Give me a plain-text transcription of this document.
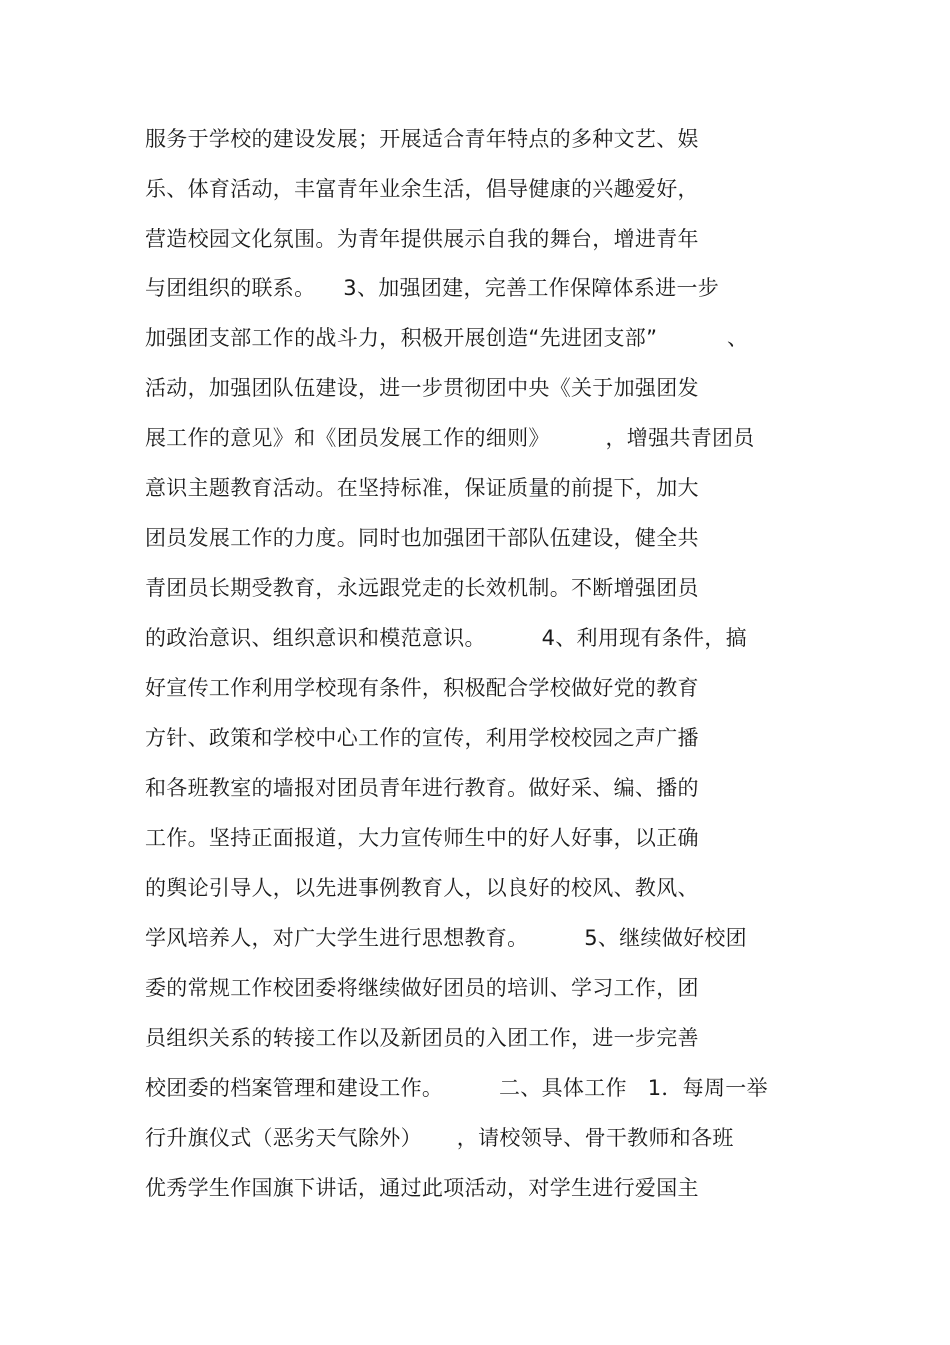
服务于学校的建设发展；开展适合青年特点的多种文艺、娱
乐、体育活动，丰富青年业余生活，倡导健康的兴趣爱好，
营造校园文化氛围。为青年提供展示自我的舞台，增进青年
与团组织的联系。    3、加强团建，完善工作保障体系进一步
加强团支部工作的战斗力，积极开展创造“先进团支部”          、
活动，加强团队伍建设，进一步贯彻团中央《关于加强团发
展工作的意见》和《团员发展工作的细则》        ，增强共青团员
意识主题教育活动。在坚持标准，保证质量的前提下，加大
团员发展工作的力度。同时也加强团干部队伍建设，健全共
青团员长期受教育，永远跟党走的长效机制。不断增强团员
的政治意识、组织意识和模范意识。        4、利用现有条件，搞
好宣传工作利用学校现有条件，积极配合学校做好党的教育
方针、政策和学校中心工作的宣传，利用学校校园之声广播
和各班教室的墙报对团员青年进行教育。做好采、编、播的
工作。坚持正面报道，大力宣传师生中的好人好事，以正确
的舆论引导人，以先进事例教育人，以良好的校风、教风、
学风培养人，对广大学生进行思想教育。        5、继续做好校团
委的常规工作校团委将继续做好团员的培训、学习工作，团
员组织关系的转接工作以及新团员的入团工作，进一步完善
校团委的档案管理和建设工作。        二、具体工作   1．每周一举
行升旗仪式（恶劣天气除外）     ，请校领导、骨干教师和各班
优秀学生作国旗下讲话，通过此项活动，对学生进行爱国主
